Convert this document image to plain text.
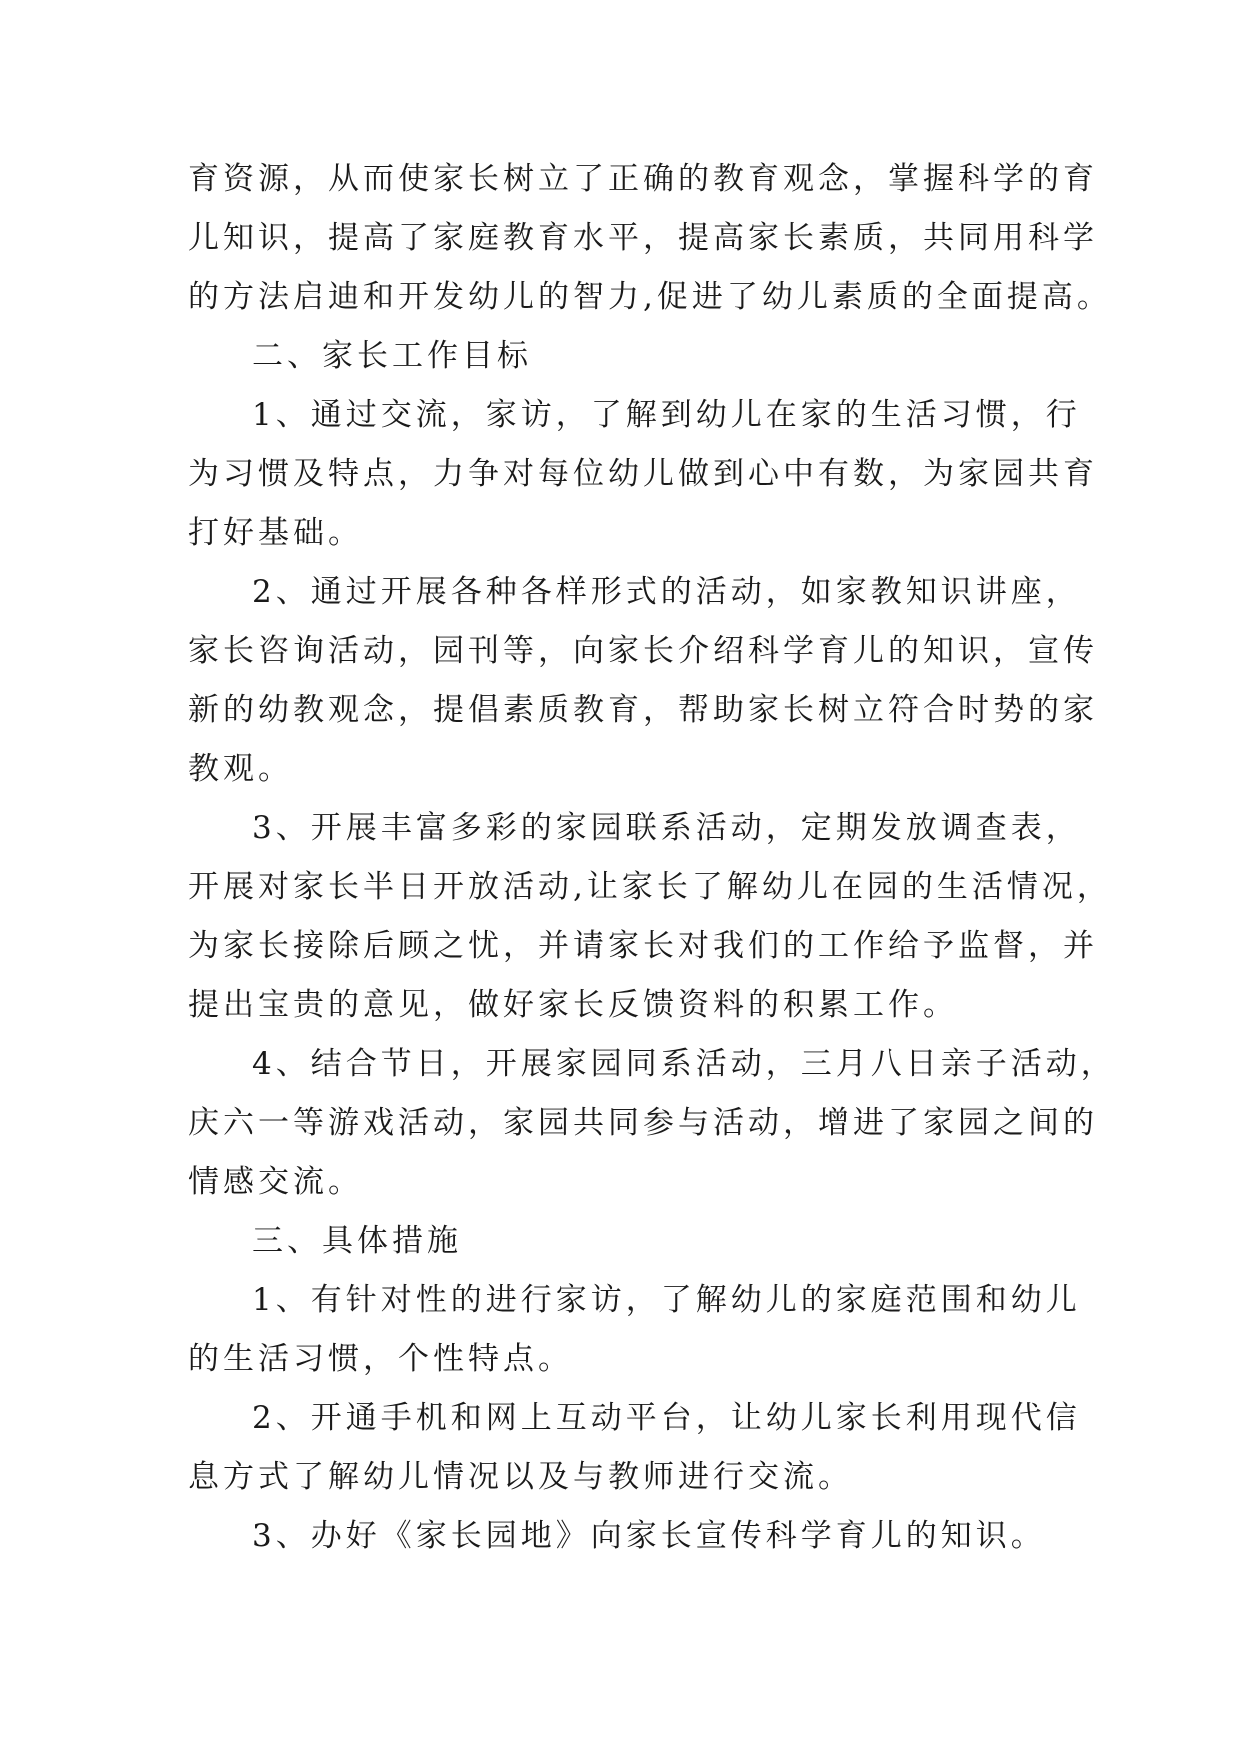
育资源，从而使家长树立了正确的教育观念，掌握科学的育
儿知识，提高了家庭教育水平，提高家长素质，共同用科学
的方法启迪和开发幼儿的智力,促进了幼儿素质的全面提高。
二、家长工作目标
1、通过交流，家访，了解到幼儿在家的生活习惯，行
为习惯及特点，力争对每位幼儿做到心中有数，为家园共育
打好基础。
2、通过开展各种各样形式的活动，如家教知识讲座，
家长咨询活动，园刊等，向家长介绍科学育儿的知识，宣传
新的幼教观念，提倡素质教育，帮助家长树立符合时势的家
教观。
3、开展丰富多彩的家园联系活动，定期发放调查表，
开展对家长半日开放活动,让家长了解幼儿在园的生活情况，
为家长接除后顾之忧，并请家长对我们的工作给予监督，并
提出宝贵的意见，做好家长反馈资料的积累工作。
4、结合节日，开展家园同系活动，三月八日亲子活动，
庆六一等游戏活动，家园共同参与活动，增进了家园之间的
情感交流。
三、具体措施
1、有针对性的进行家访，了解幼儿的家庭范围和幼儿
的生活习惯，个性特点。
2、开通手机和网上互动平台，让幼儿家长利用现代信
息方式了解幼儿情况以及与教师进行交流。
3、办好《家长园地》向家长宣传科学育儿的知识。
